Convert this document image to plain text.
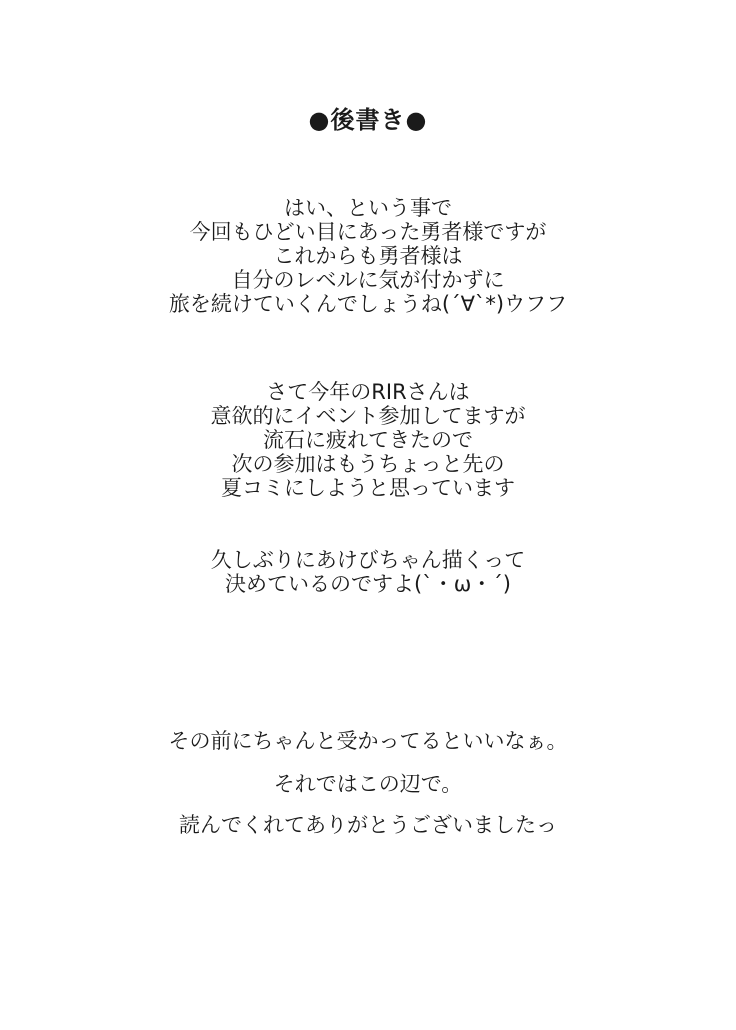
●後書き●
はい、という事で
今回もひどい目にあった勇者様ですが
これからも勇者様は
自分のレベルに気が付かずに
旅を続けていくんでしょうね(´∀`*)ウフフ
さて今年のRIRさんは
意欲的にイベント参加してますが
流石に疲れてきたので
次の参加はもうちょっと先の
夏コミにしようと思っています
久しぶりにあけびちゃん描くって
決めているのですよ(`・ω・´)
その前にちゃんと受かってるといいなぁ。
それではこの辺で。
読んでくれてありがとうございましたっ
